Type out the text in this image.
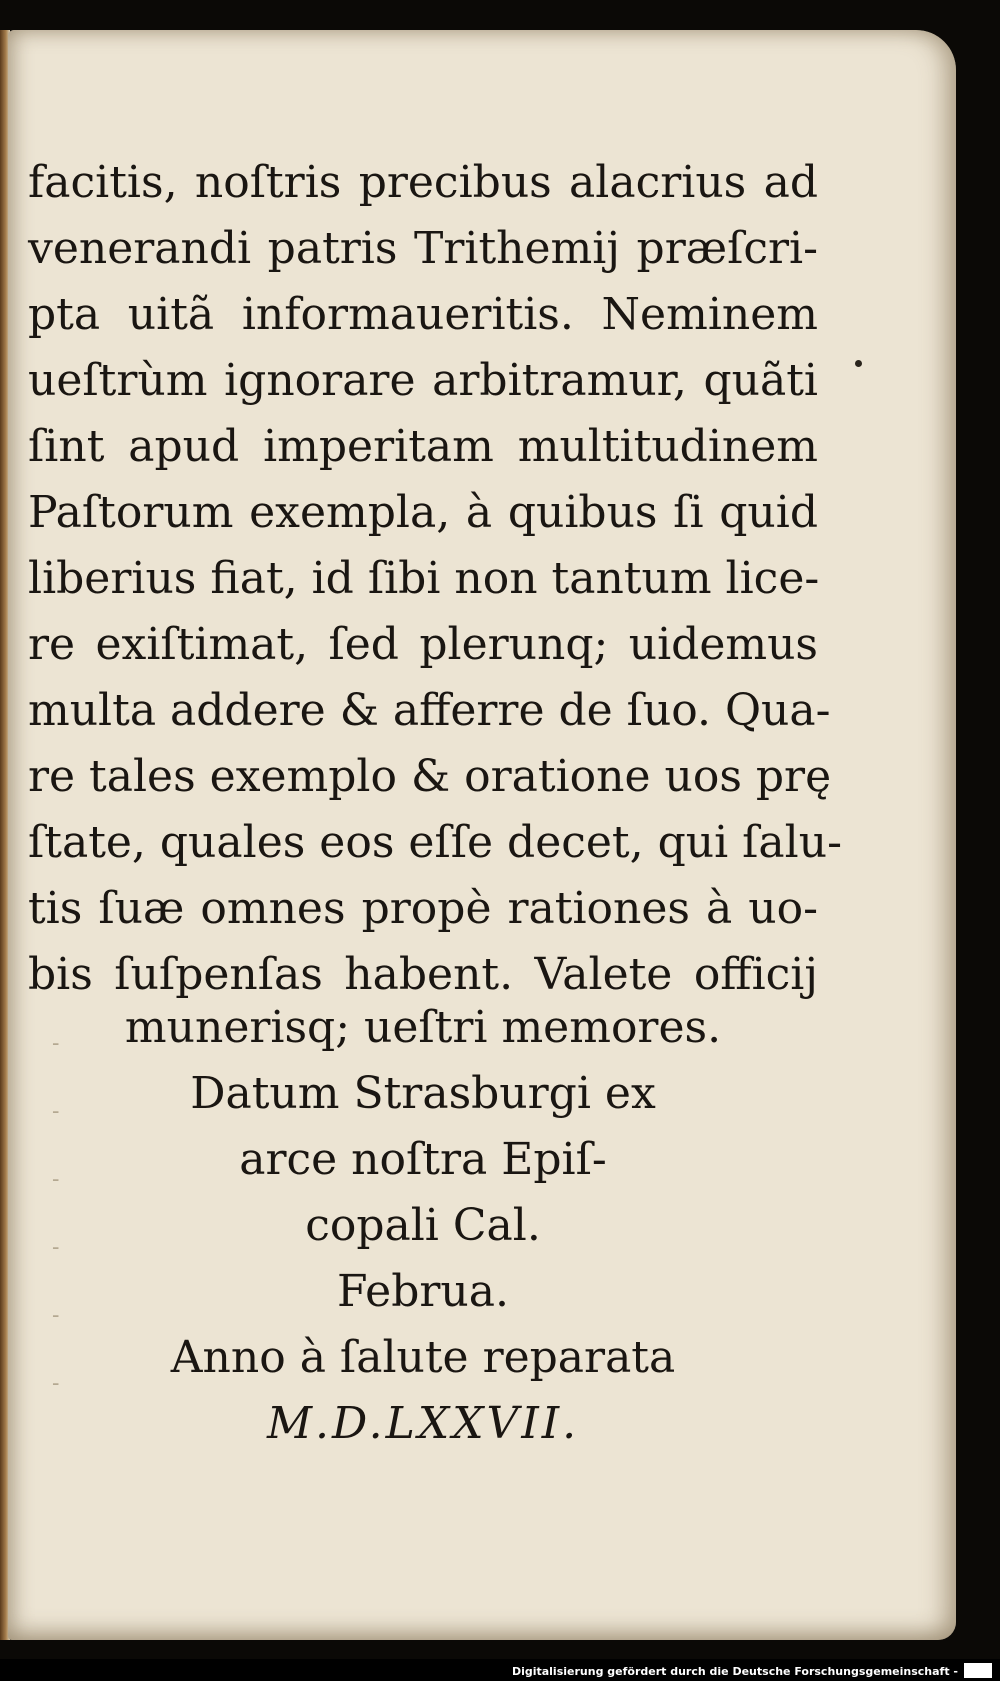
facitis, noſtris precibus alacrius ad
venerandi patris Trithemij præſcri-
pta uitã informaueritis. Neminem
ueſtrùm ignorare arbitramur, quãti
ſint apud imperitam multitudinem
Paſtorum exempla, à quibus ſi quid
liberius fiat, id ſibi non tantum lice-
re exiſtimat, ſed plerunq; uidemus
multa addere & afferre de ſuo. Qua-
re tales exemplo & oratione uos prę
ſtate, quales eos eſſe decet, qui ſalu-
tis ſuæ omnes propè rationes à uo-
bis ſuſpenſas habent. Valete officij
munerisq; ueſtri memores.
Datum Strasburgi ex
arce noſtra Epiſ-
copali Cal.
Februa.
Anno à ſalute reparata
M.D.LXXVII.
-
-
-
-
-
-
Digitalisierung gefördert durch die Deutsche Forschungsgemeinschaft -
